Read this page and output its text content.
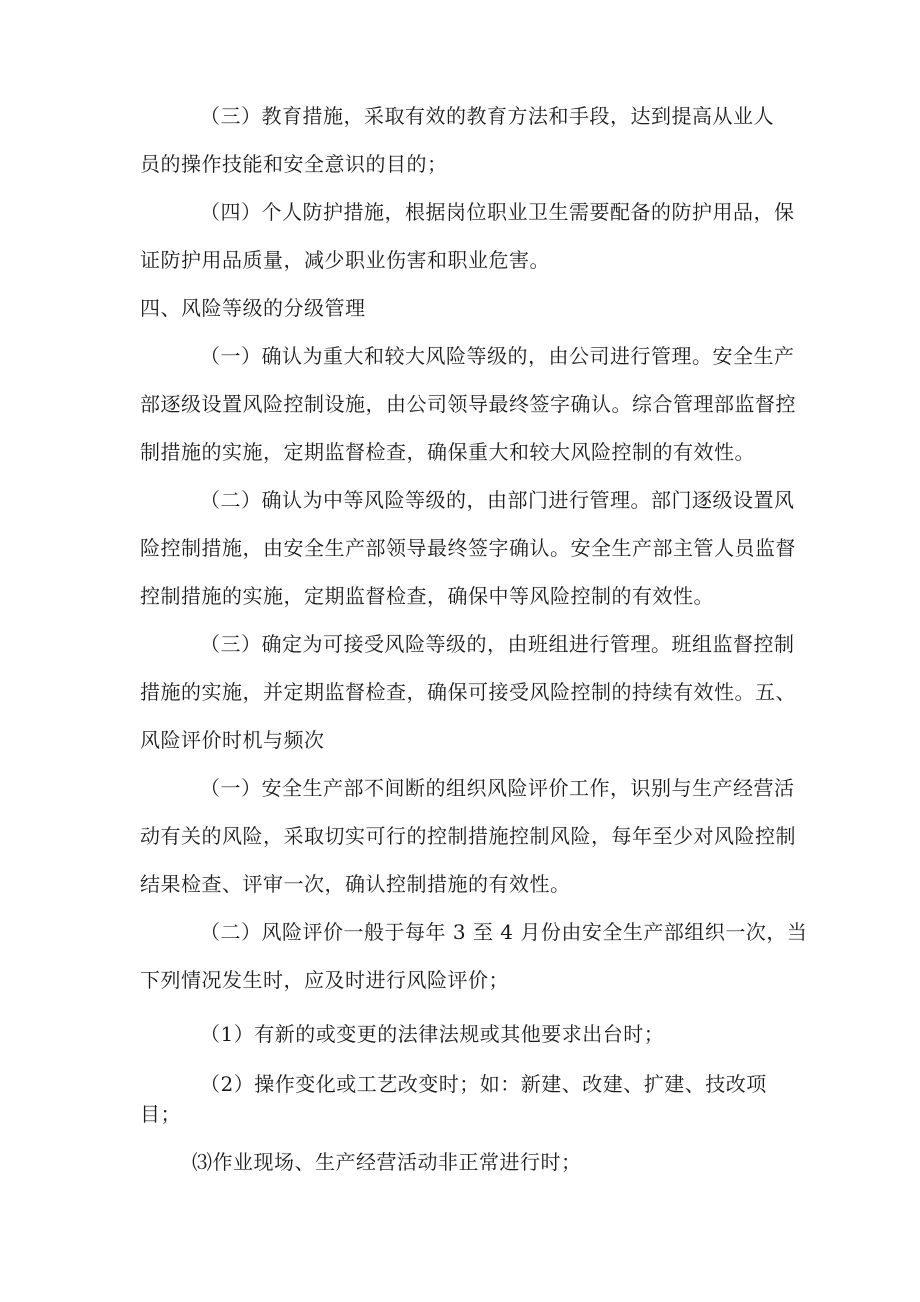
（三）教育措施，采取有效的教育方法和手段，达到提高从业人
员的操作技能和安全意识的目的；
（四）个人防护措施，根据岗位职业卫生需要配备的防护用品，保
证防护用品质量，减少职业伤害和职业危害。
四、风险等级的分级管理
（一）确认为重大和较大风险等级的，由公司进行管理。安全生产
部逐级设置风险控制设施，由公司领导最终签字确认。综合管理部监督控
制措施的实施，定期监督检查，确保重大和较大风险控制的有效性。
（二）确认为中等风险等级的，由部门进行管理。部门逐级设置风
险控制措施，由安全生产部领导最终签字确认。安全生产部主管人员监督
控制措施的实施，定期监督检查，确保中等风险控制的有效性。
（三）确定为可接受风险等级的，由班组进行管理。班组监督控制
措施的实施，并定期监督检查，确保可接受风险控制的持续有效性。五、
风险评价时机与频次
（一）安全生产部不间断的组织风险评价工作，识别与生产经营活
动有关的风险，采取切实可行的控制措施控制风险，每年至少对风险控制
结果检查、评审一次，确认控制措施的有效性。
（二）风险评价一般于每年 3 至 4 月份由安全生产部组织一次，当
下列情况发生时，应及时进行风险评价；
（1）有新的或变更的法律法规或其他要求出台时；
（2）操作变化或工艺改变时；如：新建、改建、扩建、技改项
目；
⑶作业现场、生产经营活动非正常进行时；
